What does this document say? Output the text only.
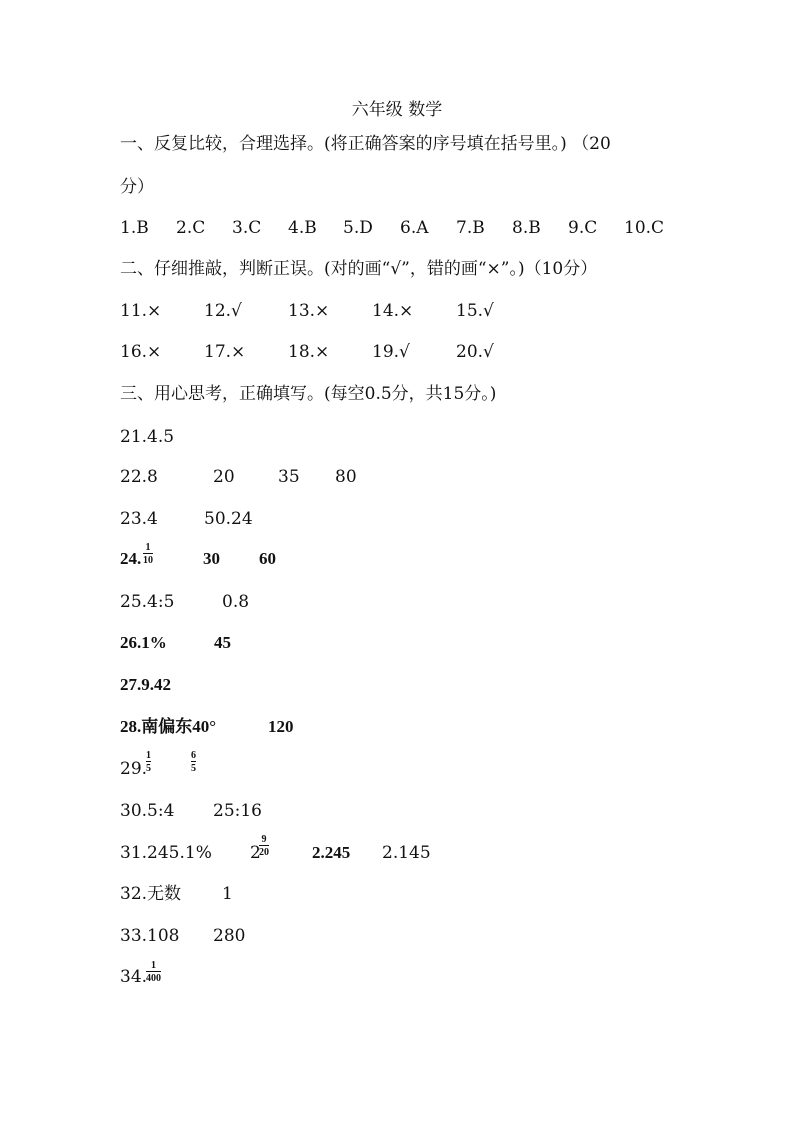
六年级 数学
一、反复比较，合理选择。(将正确答案的序号填在括号里。) （20
分）
1.B 2.C 3.C 4.B 5.D 6.A 7.B 8.B 9.C 10.C
二、仔细推敲，判断正误。(对的画“√”，错的画“×”。)（10分）
11.×	12.√	13.×	14.×	15.√
16.×	17.×	18.×	19.√	20.√
三、用心思考，正确填写。(每空0.5分，共15分。)
21.4.5
22.8	20	35 80
23.4	50.24
24. $\frac{1}{10}$	30 60
25.4:5	0.8
26.1%	45
27.9.42
28.南偏东40°	120
29.
$\frac{1}{5}$	$\frac{6}{5}$
30.5:4 25:16
31.245.1% 2
$\frac{9}{20}$	2.245 2.145
32.无数 1
33.108 280
34.
$\frac{1}{400}$
